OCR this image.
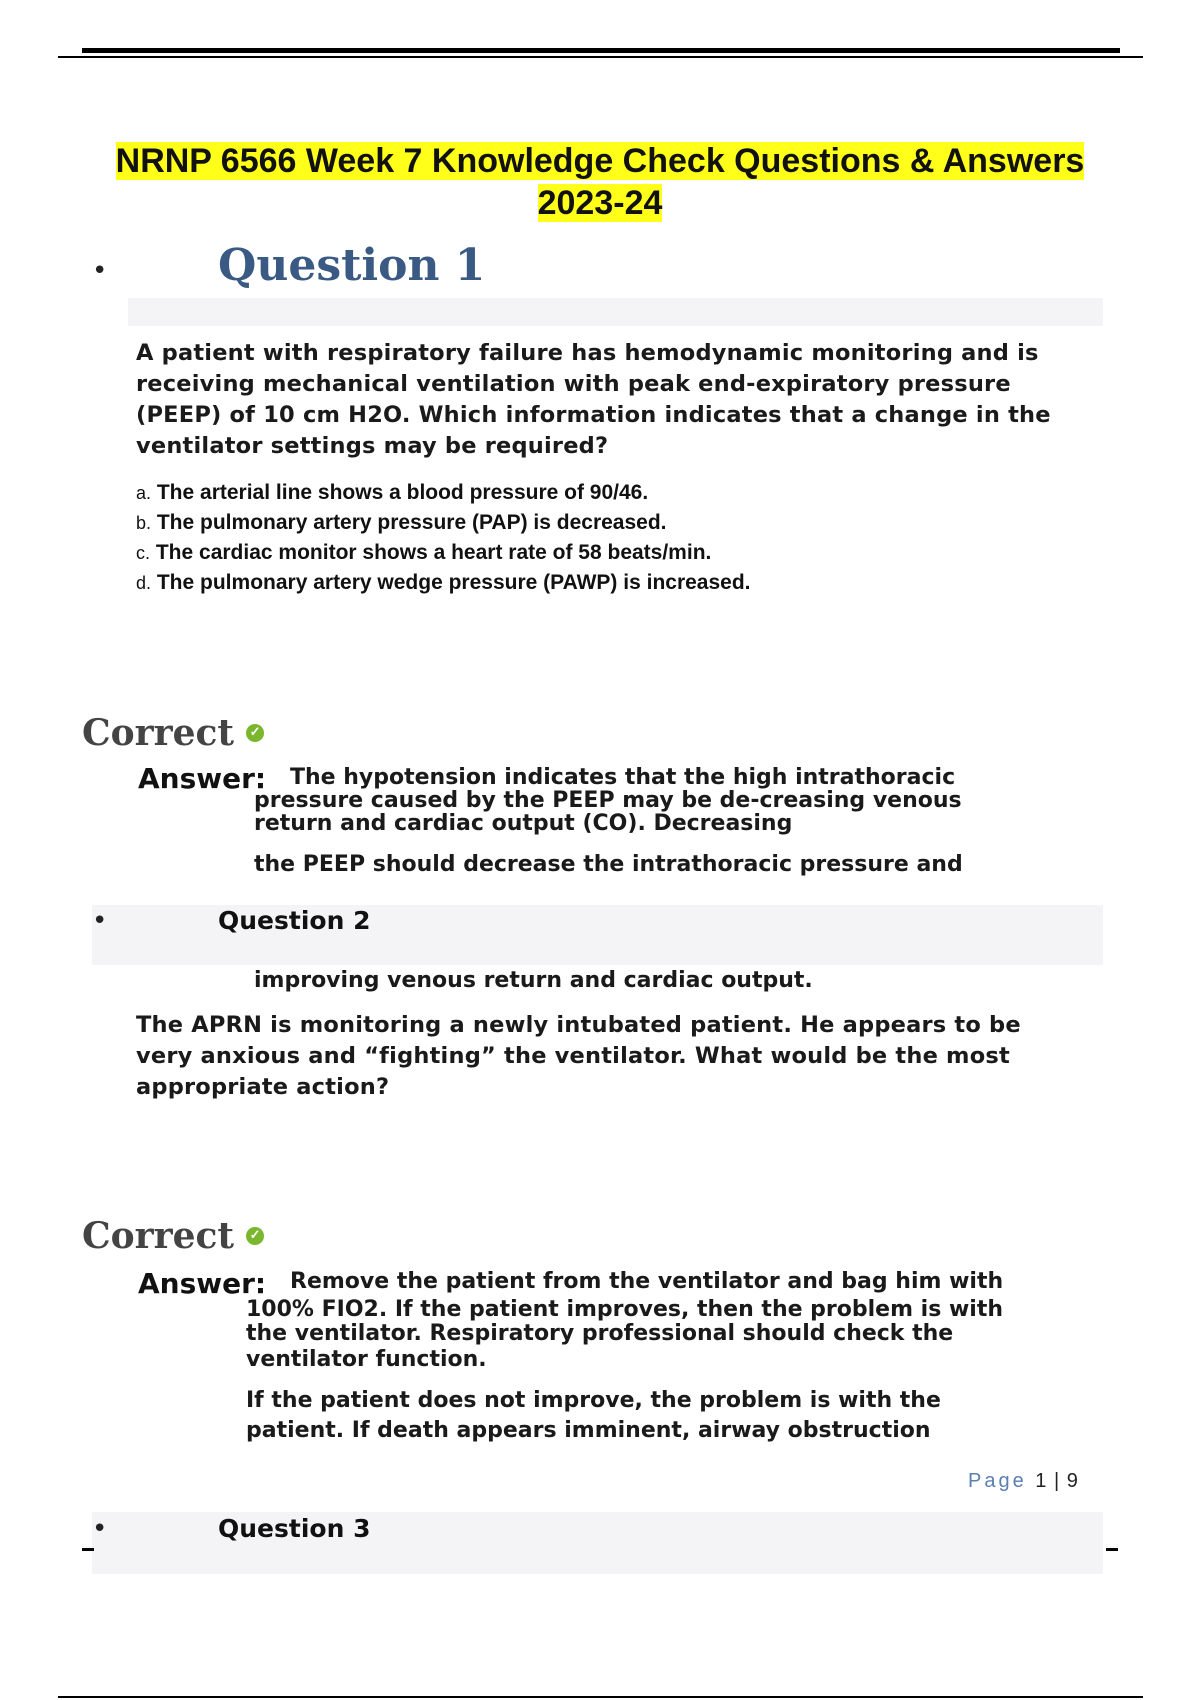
NRNP 6566 Week 7 Knowledge Check Questions & Answers
2023-24
•	Question 1
A patient with respiratory failure has hemodynamic monitoring and is receiving mechanical ventilation with peak end-expiratory pressure (PEEP) of 10 cm H2O. Which information indicates that a change in the ventilator settings may be required?
a. The arterial line shows a blood pressure of 90/46.
b. The pulmonary artery pressure (PAP) is decreased.
c. The cardiac monitor shows a heart rate of 58 beats/min.
d. The pulmonary artery wedge pressure (PAWP) is increased.
Correct ✓
Answer: The hypotension indicates that the high intrathoracic
pressure caused by the PEEP may be de-creasing venous
return and cardiac output (CO). Decreasing
the PEEP should decrease the intrathoracic pressure and
•	Question 2
improving venous return and cardiac output.
The APRN is monitoring a newly intubated patient. He appears to be very anxious and “fighting” the ventilator. What would be the most appropriate action?
Correct ✓
Answer: Remove the patient from the ventilator and bag him with
100% FIO2. If the patient improves, then the problem is with
the ventilator. Respiratory professional should check the
ventilator function.
If the patient does not improve, the problem is with the
patient. If death appears imminent, airway obstruction
Page 1 | 9
•	Question 3
